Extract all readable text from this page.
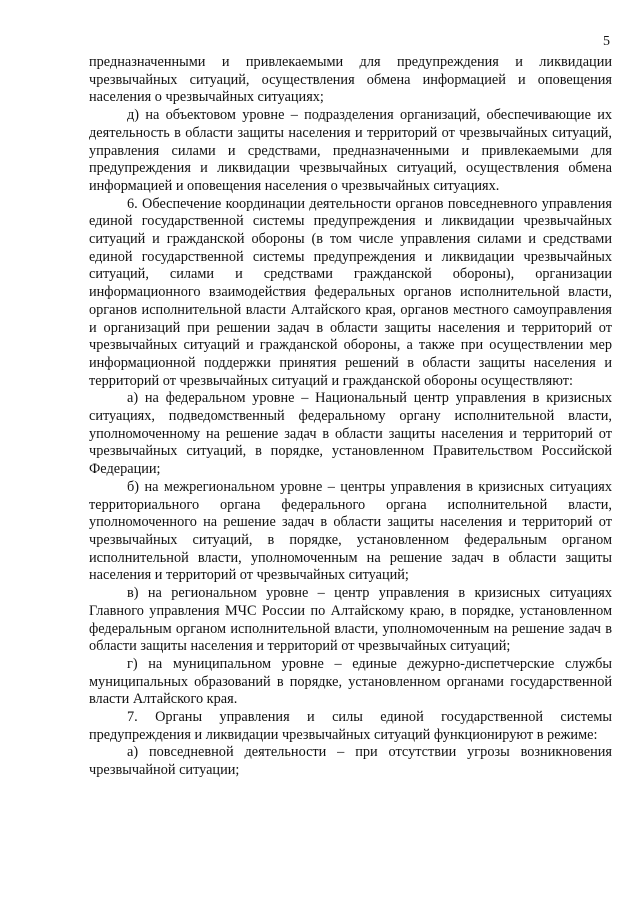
5

предназначенными и привлекаемыми для предупреждения и ликвидации чрезвычайных ситуаций, осуществления обмена информацией и оповещения населения о чрезвычайных ситуациях;

д) на объектовом уровне – подразделения организаций, обеспечивающие их деятельность в области защиты населения и территорий от чрезвычайных ситуаций, управления силами и средствами, предназначенными и привлекаемыми для предупреждения и ликвидации чрезвычайных ситуаций, осуществления обмена информацией и оповещения населения о чрезвычайных ситуациях.

6. Обеспечение координации деятельности органов повседневного управления единой государственной системы предупреждения и ликвидации чрезвычайных ситуаций и гражданской обороны (в том числе управления силами и средствами единой государственной системы предупреждения и ликвидации чрезвычайных ситуаций, силами и средствами гражданской обороны), организации информационного взаимодействия федеральных органов исполнительной власти, органов исполнительной власти Алтайского края, органов местного самоуправления и организаций при решении задач в области защиты населения и территорий от чрезвычайных ситуаций и гражданской обороны, а также при осуществлении мер информационной поддержки принятия решений в области защиты населения и территорий от чрезвычайных ситуаций и гражданской обороны осуществляют:

а) на федеральном уровне – Национальный центр управления в кризисных ситуациях, подведомственный федеральному органу исполнительной власти, уполномоченному на решение задач в области защиты населения и территорий от чрезвычайных ситуаций, в порядке, установленном Правительством Российской Федерации;

б) на межрегиональном уровне – центры управления в кризисных ситуациях территориального органа федерального органа исполнительной власти, уполномоченного на решение задач в области защиты населения и территорий от чрезвычайных ситуаций, в порядке, установленном федеральным органом исполнительной власти, уполномоченным на решение задач в области защиты населения и территорий от чрезвычайных ситуаций;

в) на региональном уровне – центр управления в кризисных ситуациях Главного управления МЧС России по Алтайскому краю, в порядке, установленном федеральным органом исполнительной власти, уполномоченным на решение задач в области защиты населения и территорий от чрезвычайных ситуаций;

г) на муниципальном уровне – единые дежурно-диспетчерские службы муниципальных образований в порядке, установленном органами государственной власти Алтайского края.

7. Органы управления и силы единой государственной системы предупреждения и ликвидации чрезвычайных ситуаций функционируют в режиме:

а) повседневной деятельности – при отсутствии угрозы возникновения чрезвычайной ситуации;
